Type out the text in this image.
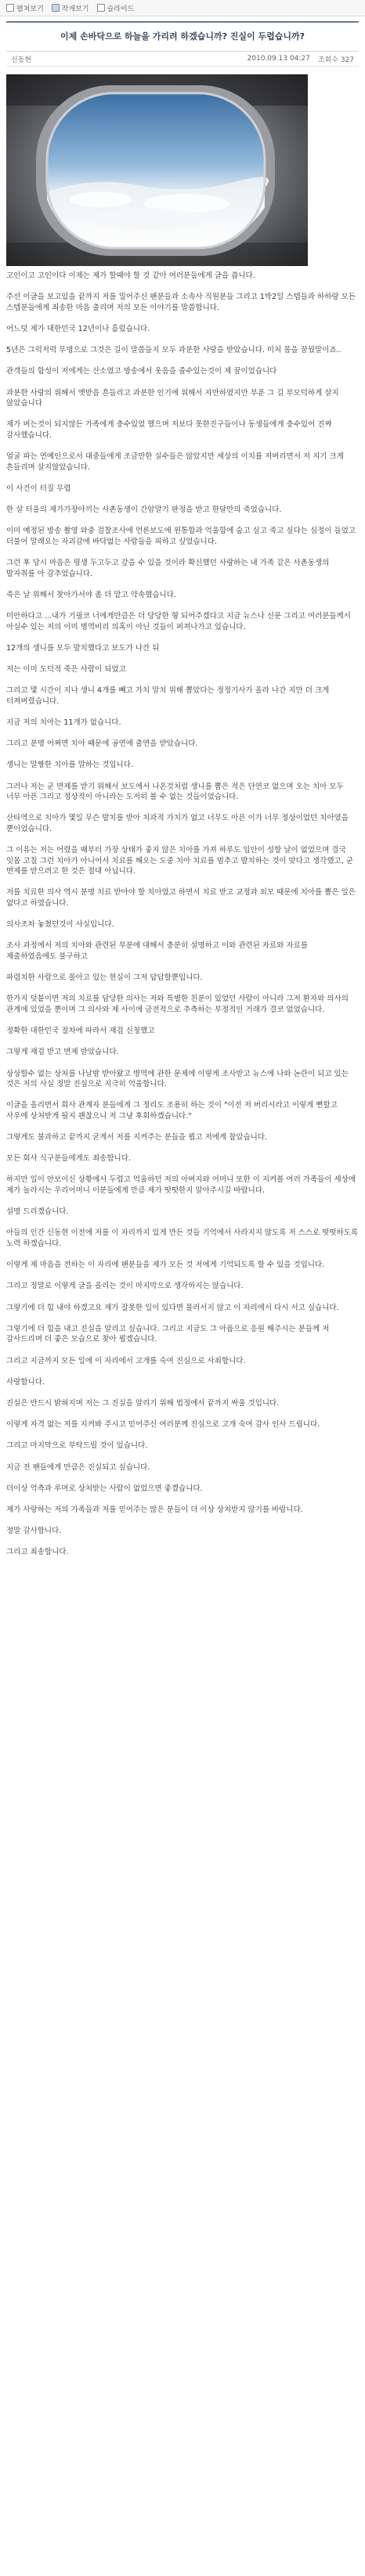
펼쳐보기	작게보기	슬라이드
이제 손바닥으로 하늘을 가리려 하겠습니까? 진실이 두렵습니까?
신동현	2010.09.13 04:27 조회수 327

고인이고 고인이다 이제는 제가 할때야 할 것 같아 여러분들에게 글을 씁니다.

주선 이글을 보고있을 끝까지 저를 밀어주신 팬분들과 소속사 직원분들 그리고 1박2일 스텝들과 하하랑 모든 스텝분들에게 죄송한 마음 출리며 저의 모든 이야기를 말씀합니다.

어느덧 제가 대한민국 12년이나 흘렀습니다.

5년은 그럭저럭 무명으로 그것은 길이 말씀들지 모두 과분한 사랑을 받았습니다. 미처 몸을 꿈꿨말이죠..

관객들의 함성이 저에게는 산소였고 방송에서 웃음을 줄수있는것이 제 꿈이었습니다

과분한 사랑의 위해서 엣받음 흔들리고 과분한 인기에 위해서 자만하였지만 부푼 그 길 부모덕하게 살지 않았습니다

제가 버는것이 되지많든 가족에게 충수있었 했으며 저보다 못한진구들이나 동생들에게 충수있어 진짜 감사했습니다.

얼굴 파는 연예인으로서 대중들에게 조금만한 실수들은 않았지만 세상의 이치를 저버리면서 저 지기 크게 흔들리며 살지않았습니다.

이 사건이 터질 무렵

한 살 터울의 제가가장아끼는 사촌동생이 간암말기 판정을 받고 한달만의 죽었습니다.

이미 예정된 방송 촬영 와중 검찰조사에 언론보도에 윈통합과 억울함에 숨고 싶고 죽고 싶다는 심정이 들었고 더불어 말래요는 자괴감에 바닥없는 사람들을 피하고 싶었습니다.

그런 후 당시 마음은 평생 두고두고 갚을 수 있을 것이라 확신했던 사랑하는 내 가족 같은 사촌동생의 발자취를 아 감추었습니다.

죽은 날 위해서 찾아가서야 좀 더 맡고 약속했습니다.

미안하다고 ...내가 기필코 너에게만큼은 더 당당한 형 되어주겠다고 지금 뉴스나 신문 그리고 여러분들께서 아실수 있는 저의 이미 병역비리 의혹이 아닌 것들이 퍼져나가고 있습니다.

12개의 생니를 모두 발치했다고 보도가 나간 뒤

저는 이미 도덕적 죽은 사람이 되었고

그리고 몇 시간이 지나 생니 4개를 빼고 가치 말치 위해 뽑았다는 정정기사가 올라 나간 지만 더 크게 터져버렸습니다.

지금 저의 치아는 11개가 없습니다.

그리고 분명 어쩌면 치아 때문에 공연에 출연을 받았습니다.

생니는 말짱한 치아를 말하는 것입니다.

그러나 저는 군 면제를 받기 위해서 보도에서 나온것처럼 생니를 뽑은 적은 단연코 없으며 오는 치아 모두 너무 아픈 그리고 정상적이 아니라는 도저히 볼 수 없는 것들이었습니다.

산타역으로 치아가 몇일 무슨 발치를 받아 치과적 가치가 없고 너무도 아픈 이가 너무 정상이었던 치아였을 뿐이었습니다.

그 이유는 저는 어렸을 때부터 가장 상태가 좋지 않은 치아를 가져 하루도 입안이 성할 날이 없었으며 결국 잇몸 고칠 그런 치아가 아니어서 치료를 해오는 도중 치아 치료를 멈추고 발치하는 것이 맞다고 생각했고, 군 면제를 받으려고 한 것은 절대 아닙니다.

저를 치료한 의사 역시 분명 치료 받아야 할 치아였고 하면서 치료 받고 교정과 외모 때문에 치아를 뽑은 일은 없다고 하였습니다.

의사조차 놓쳤던것이 사실입니다.

조사 과정에서 저의 치아와 관련된 부분에 대해서 충분히 설명하고 이와 관련된 자료와 자료를 제출하였음에도 불구하고

파렴치한 사람으로 몰아고 있는 현실이 그저 답답할뿐입니다.

한가지 덧붙이면 저의 치료를 담당한 의사는 저와 특별한 친분이 있었던 사람이 아니라 그저 환자와 의사의 관계에 있었을 뿐이며 그 의사와 제 사이에 금전적으로 추측하는 부정적인 거래가 결코 없었습니다.

정확한 대한민국 절차에 따라서 재검 신청했고

그렇게 재검 받고 면제 받았습니다.

상상할수 없는 상처를 나날밤 받아왔고 병역에 관한 문제에 이렇게 조사받고 뉴스에 나와 논란이 되고 있는 것은 저의 사실 정말 진심으로 지극히 억울합니다.

이글을 올리면서 회사 관계자 분들에게 그 정리도 조용히 하는 것이 "이전 저 버리시라고 이렇게 뻔할고 사우에 상처받게 될지 괜찮으니 저 그냥 후회하겠습니다."

그렇게도 불과하고 끝까지 굳게서 저를 지켜주는 분들을 뵙고 저에게 참았습니다.

모든 회사 식구분들에게도 죄송합니다.

하지만 일이 안보이신 상황에서 두렵고 억울하던 저의 아버지와 어머니 또한 이 지켜볼 여러 가족들이 세상에 제가 놀라시는 우리어머니 이분들에게 만큼 제가 떳떳한지 알아주시길 바랍니다.

설명 드리겠습니다.

아들의 인간 신동현 이전에 저를 이 자리까지 있게 만든 것들 기억에서 사라지지 않도록 저 스스로 떳떳하도록 노력 하겠습니다.

이렇게 제 마음을 전하는 이 자리에 팬분들을 제가 모든 것 저에게 기억되도록 할 수 있을 것입니다.

그리고 정말로 이렇게 글을 올리는 것이 마지막으로 생각하지는 않습니다.

그렇기에 더 힘 내야 하겠고요 제가 잘못한 일이 있다면 물러서지 않고 이 자리에서 다시 서고 싶습니다.

그렇기에 더 힘을 내고 진실을 알리고 싶습니다. 그리고 지금도 그 아픔으로 응원 해주시는 분들께 저 감사드리며 더 좋은 모습으로 찾아 뵙겠습니다.

그리고 지금까지 모든 일에 이 자리에서 고개를 숙여 진심으로 사죄합니다.

사랑합니다.

진실은 반드시 밝혀지며 저는 그 진실을 알리기 위해 법정에서 끝까지 싸울 것입니다.

이렇게 자격 없는 저를 지켜봐 주시고 믿어주신 여러분께 진심으로 고개 숙여 감사 인사 드립니다.

그리고 마지막으로 부탁드릴 것이 있습니다.

지금 전 팬들에게 만큼은 진실되고 싶습니다.

더이상 억측과 루머로 상처받는 사람이 없었으면 좋겠습니다.

제가 사랑하는 저의 가족들과 저를 믿어주는 많은 분들이 더 이상 상처받지 않기를 바랍니다.

정말 감사합니다.

그리고 죄송합니다.
